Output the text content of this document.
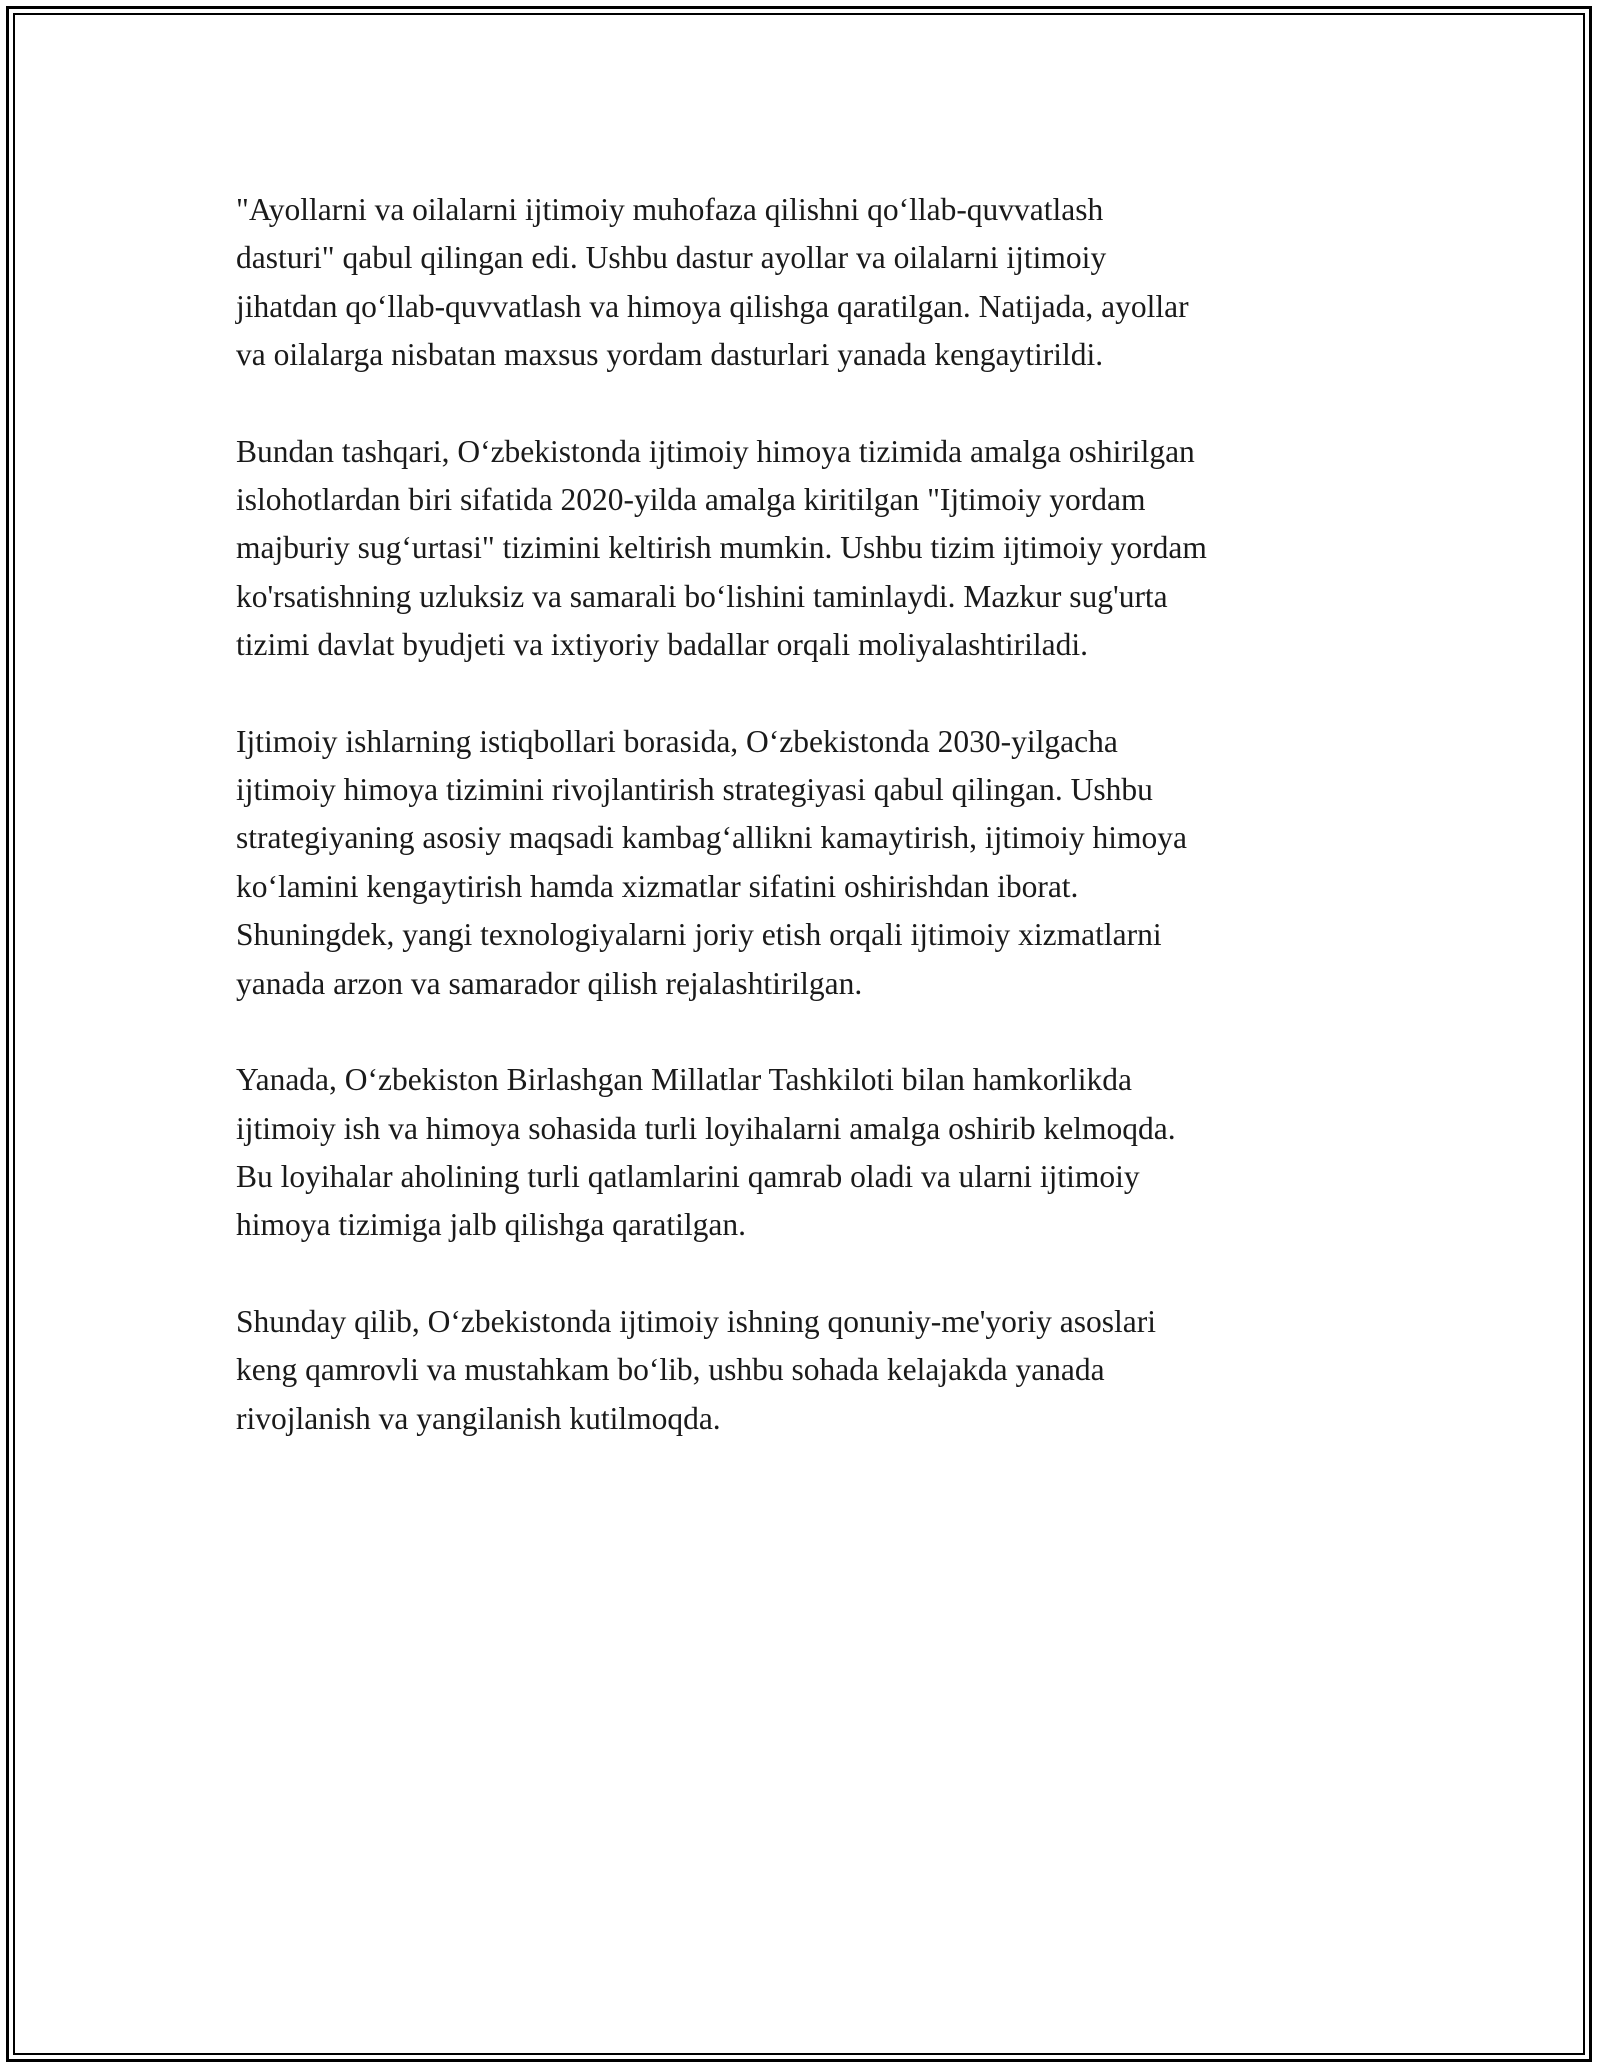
"Ayollarni va oilalarni ijtimoiy muhofaza qilishni qo‘llab-quvvatlash
dasturi" qabul qilingan edi. Ushbu dastur ayollar va oilalarni ijtimoiy
jihatdan qo‘llab-quvvatlash va himoya qilishga qaratilgan. Natijada, ayollar
va oilalarga nisbatan maxsus yordam dasturlari yanada kengaytirildi.

Bundan tashqari, O‘zbekistonda ijtimoiy himoya tizimida amalga oshirilgan
islohotlardan biri sifatida 2020-yilda amalga kiritilgan "Ijtimoiy yordam
majburiy sug‘urtasi" tizimini keltirish mumkin. Ushbu tizim ijtimoiy yordam
ko'rsatishning uzluksiz va samarali bo‘lishini taminlaydi. Mazkur sug'urta
tizimi davlat byudjeti va ixtiyoriy badallar orqali moliyalashtiriladi.

Ijtimoiy ishlarning istiqbollari borasida, O‘zbekistonda 2030-yilgacha
ijtimoiy himoya tizimini rivojlantirish strategiyasi qabul qilingan. Ushbu
strategiyaning asosiy maqsadi kambag‘allikni kamaytirish, ijtimoiy himoya
ko‘lamini kengaytirish hamda xizmatlar sifatini oshirishdan iborat.
Shuningdek, yangi texnologiyalarni joriy etish orqali ijtimoiy xizmatlarni
yanada arzon va samarador qilish rejalashtirilgan.

Yanada, O‘zbekiston Birlashgan Millatlar Tashkiloti bilan hamkorlikda
ijtimoiy ish va himoya sohasida turli loyihalarni amalga oshirib kelmoqda.
Bu loyihalar aholining turli qatlamlarini qamrab oladi va ularni ijtimoiy
himoya tizimiga jalb qilishga qaratilgan.

Shunday qilib, O‘zbekistonda ijtimoiy ishning qonuniy-me'yoriy asoslari
keng qamrovli va mustahkam bo‘lib, ushbu sohada kelajakda yanada
rivojlanish va yangilanish kutilmoqda.
